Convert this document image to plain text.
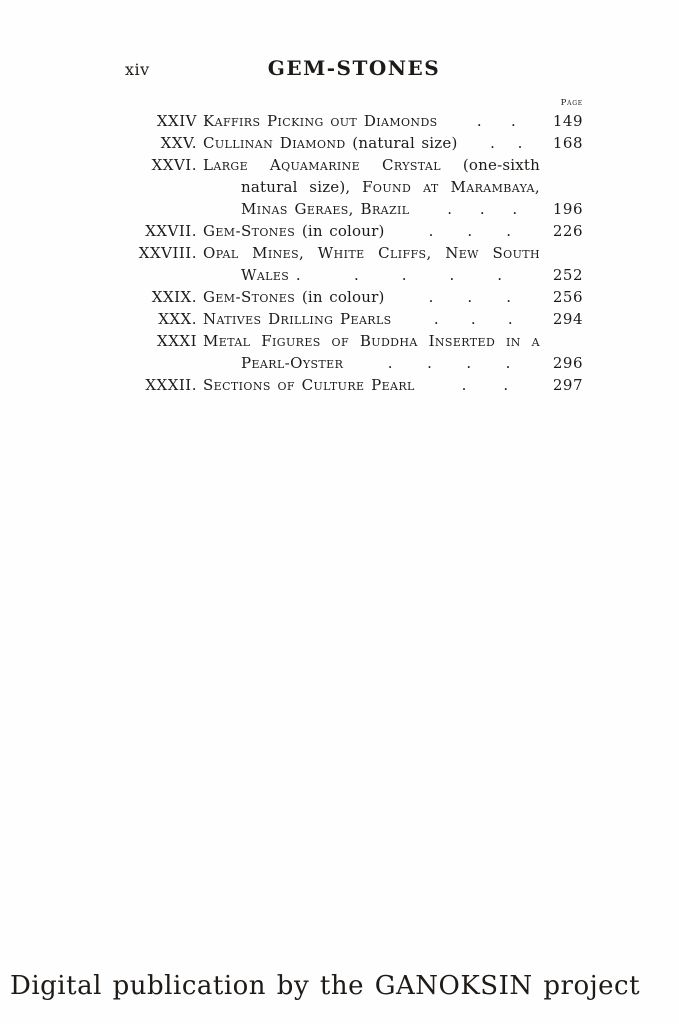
xiv	GEM-STONES
Page
XXIV Kaffirs Picking out Diamonds	. . 149
XXV. Cullinan Diamond (natural size) . . 168
XXVI. Large Aquamarine Crystal (one-sixth
natural size), Found at Marambaya,
Minas Geraes, Brazil	. . . 196
XXVII. Gem-Stones (in colour)	. . .	226
XXVIII. Opal Mines, White Cliffs, New South
Wales .	.	.	.	.	252
XXIX. Gem-Stones (in colour)	. . .	256
XXX. Natives Drilling Pearls	. . .	294
XXXI Metal Figures of Buddha Inserted in a
Pearl-Oyster	. . . .	296
XXXII. Sections of Culture Pearl	. .	297
Digital publication by the GANOKSIN project
